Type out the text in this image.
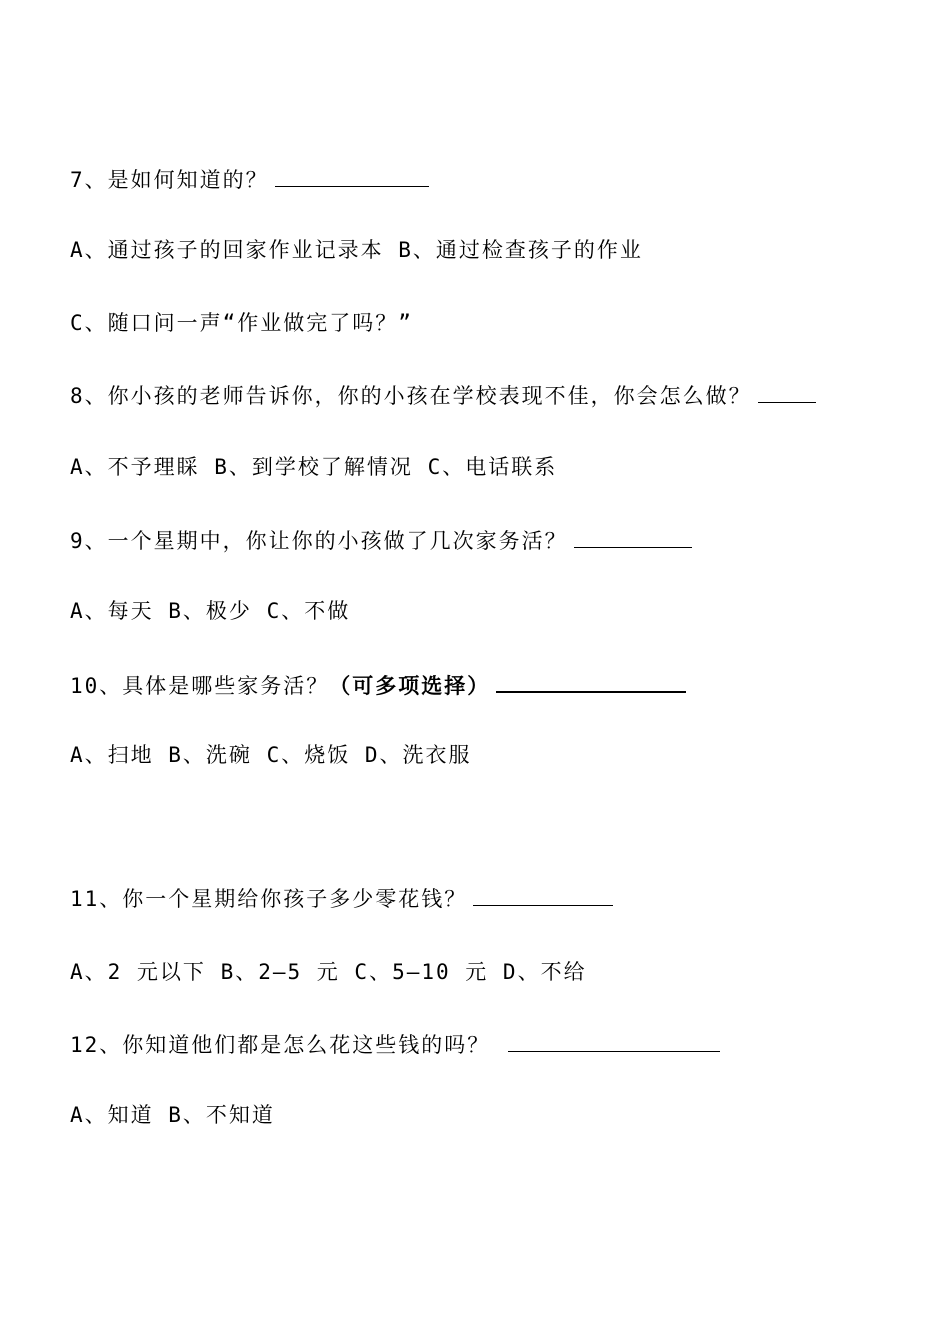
7、是如何知道的？
A、通过孩子的回家作业记录本 B、通过检查孩子的作业
C、随口问一声“作业做完了吗？”
8、你小孩的老师告诉你，你的小孩在学校表现不佳，你会怎么做？
A、不予理睬 B、到学校了解情况 C、电话联系
9、一个星期中，你让你的小孩做了几次家务活？
A、每天 B、极少 C、不做
10、具体是哪些家务活？（可多项选择）
A、扫地 B、洗碗 C、烧饭 D、洗衣服
11、你一个星期给你孩子多少零花钱？
A、2 元以下 B、2—5 元 C、5—10 元 D、不给
12、你知道他们都是怎么花这些钱的吗？
A、知道 B、不知道
